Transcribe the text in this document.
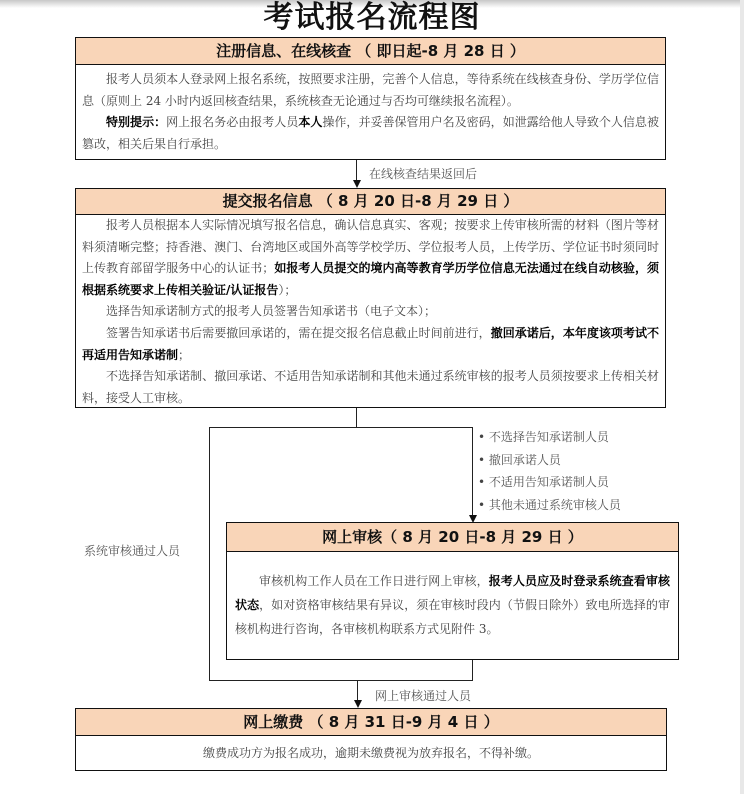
考试报名流程图
注册信息、在线核查 （ 即日起-8 月 28 日 ）

报考人员须本人登录网上报名系统，按照要求注册，完善个人信息，等待系统在线核查身份、学历学位信息（原则上 24 小时内返回核查结果，系统核查无论通过与否均可继续报名流程）。

特别提示：网上报名务必由报考人员本人操作，并妥善保管用户名及密码，如泄露给他人导致个人信息被篡改，相关后果自行承担。

在线核查结果返回后
提交报名信息 （ 8 月 20 日-8 月 29 日 ）

报考人员根据本人实际情况填写报名信息，确认信息真实、客观；按要求上传审核所需的材料（图片等材料须清晰完整；持香港、澳门、台湾地区或国外高等学校学历、学位报考人员，上传学历、学位证书时须同时上传教育部留学服务中心的认证书；如报考人员提交的境内高等教育学历学位信息无法通过在线自动核验，须根据系统要求上传相关验证/认证报告）；

选择告知承诺制方式的报考人员签署告知承诺书（电子文本）；

签署告知承诺书后需要撤回承诺的，需在提交报名信息截止时间前进行，撤回承诺后，本年度该项考试不再适用告知承诺制；

不选择告知承诺制、撤回承诺、不适用告知承诺制和其他未通过系统审核的报考人员须按要求上传相关材料，接受人工审核。

• 不选择告知承诺制人员
• 撤回承诺人员
• 不适用告知承诺制人员
• 其他未通过系统审核人员
系统审核通过人员
网上审核（ 8 月 20 日-8 月 29 日 ）

审核机构工作人员在工作日进行网上审核，报考人员应及时登录系统查看审核状态，如对资格审核结果有异议，须在审核时段内（节假日除外）致电所选择的审核机构进行咨询，各审核机构联系方式见附件 3。

网上审核通过人员
网上缴费 （ 8 月 31 日-9 月 4 日 ）
缴费成功方为报名成功，逾期未缴费视为放弃报名，不得补缴。
